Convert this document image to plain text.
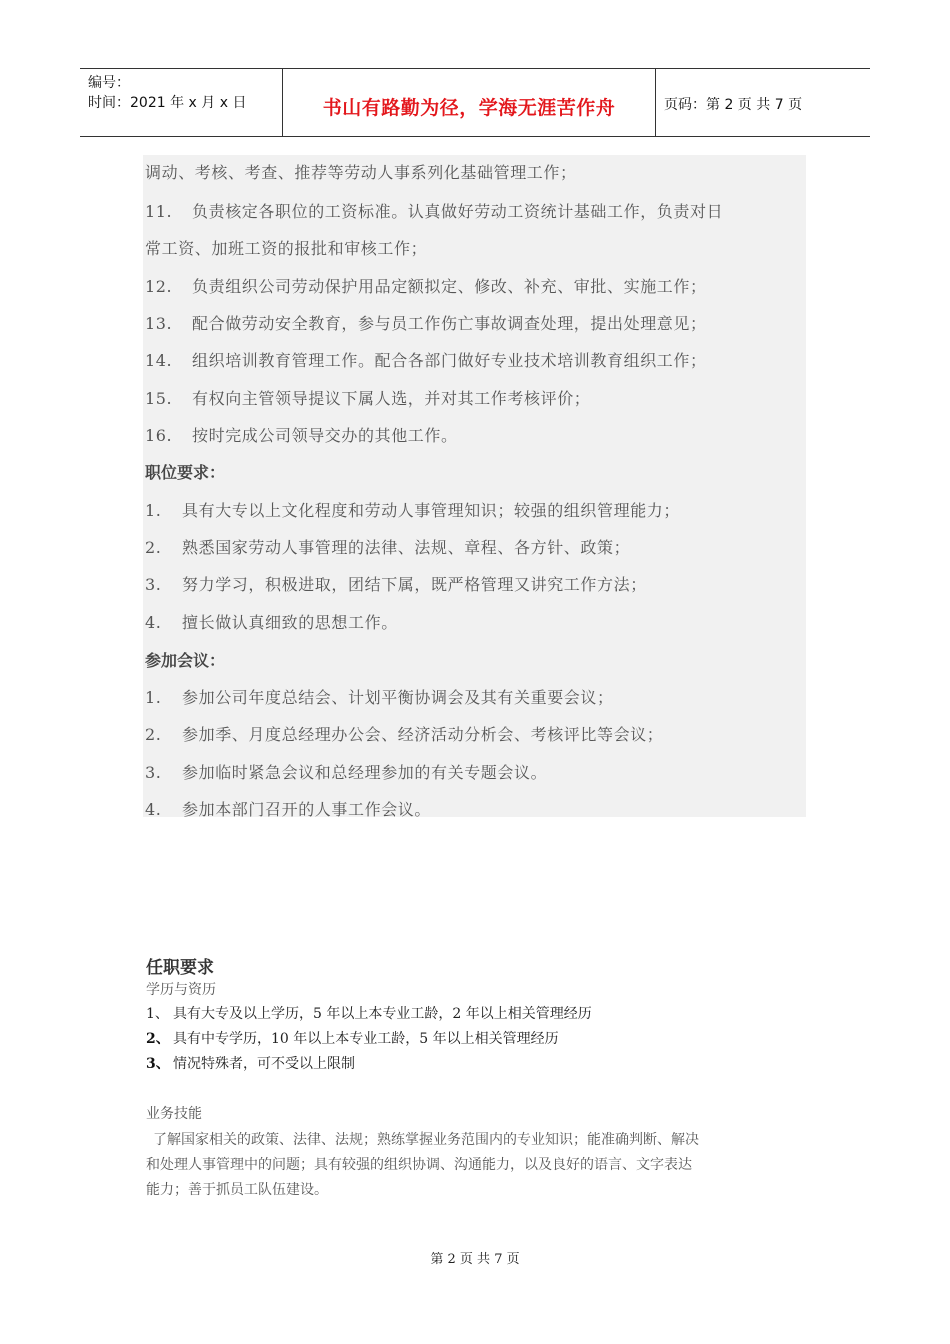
编号：
时间：2021 年 x 月 x 日	书山有路勤为径，学海无涯苦作舟	页码：第 2 页 共 7 页
调动、考核、考查、推荐等劳动人事系列化基础管理工作；
11. 负责核定各职位的工资标准。认真做好劳动工资统计基础工作，负责对日
常工资、加班工资的报批和审核工作；
12. 负责组织公司劳动保护用品定额拟定、修改、补充、审批、实施工作；
13. 配合做劳动安全教育，参与员工作伤亡事故调查处理，提出处理意见；
14. 组织培训教育管理工作。配合各部门做好专业技术培训教育组织工作；
15. 有权向主管领导提议下属人选，并对其工作考核评价；
16. 按时完成公司领导交办的其他工作。
职位要求：
1. 具有大专以上文化程度和劳动人事管理知识；较强的组织管理能力；
2. 熟悉国家劳动人事管理的法律、法规、章程、各方针、政策；
3. 努力学习，积极进取，团结下属，既严格管理又讲究工作方法；
4. 擅长做认真细致的思想工作。
参加会议：
1. 参加公司年度总结会、计划平衡协调会及其有关重要会议；
2. 参加季、月度总经理办公会、经济活动分析会、考核评比等会议；
3. 参加临时紧急会议和总经理参加的有关专题会议。
4. 参加本部门召开的人事工作会议。
任职要求
学历与资历
1、 具有大专及以上学历，5 年以上本专业工龄，2 年以上相关管理经历
2、 具有中专学历，10 年以上本专业工龄，5 年以上相关管理经历
3、 情况特殊者，可不受以上限制
业务技能
了解国家相关的政策、法律、法规；熟练掌握业务范围内的专业知识；能准确判断、解决
和处理人事管理中的问题；具有较强的组织协调、沟通能力，以及良好的语言、文字表达
能力；善于抓员工队伍建设。
第 2 页 共 7 页
